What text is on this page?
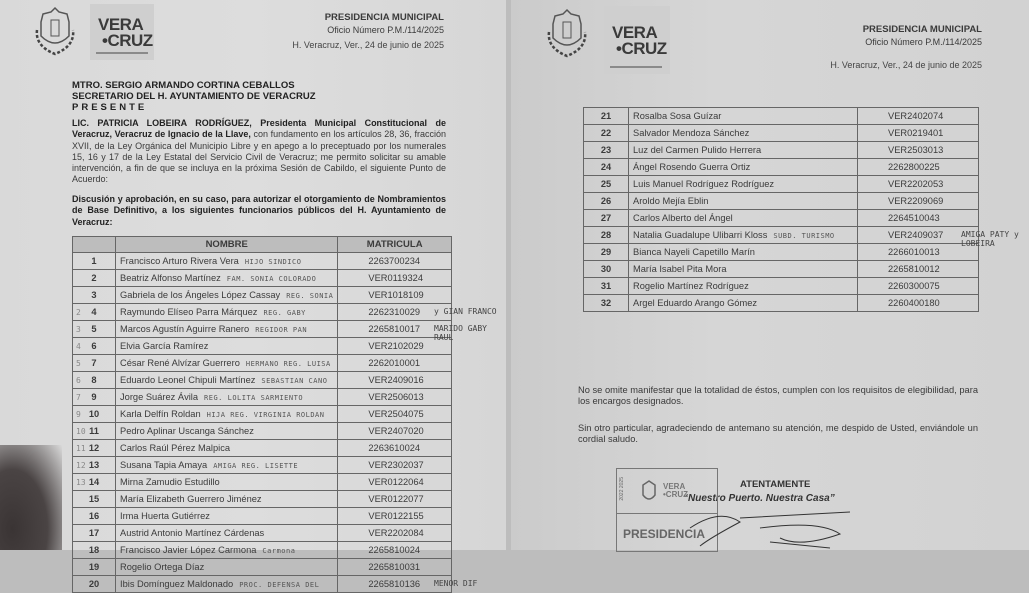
VERA
•CRUZ
PRESIDENCIA MUNICIPAL
Oficio Número P.M./114/2025
H. Veracruz, Ver., 24 de junio de 2025
MTRO. SERGIO ARMANDO CORTINA CEBALLOS
SECRETARIO DEL H. AYUNTAMIENTO DE VERACRUZ
PRESENTE
LIC. PATRICIA LOBEIRA RODRÍGUEZ, Presidenta Municipal Constitucional de Veracruz, Veracruz de Ignacio de la Llave, con fundamento en los artículos 28, 36, fracción XVII, de la Ley Orgánica del Municipio Libre y en apego a lo preceptuado por los numerales 15, 16 y 17 de la Ley Estatal del Servicio Civil de Veracruz; me permito solicitar su amable intervención, a fin de que se incluya en la próxima Sesión de Cabildo, el siguiente Punto de Acuerdo:
Discusión y aprobación, en su caso, para autorizar el otorgamiento de Nombramientos de Base Definitivo, a los siguientes funcionarios públicos del H. Ayuntamiento de Veracruz:
	NOMBRE	MATRICULA
1	Francisco Arturo Rivera Vera HIJO SINDICO	2263700234
2	Beatriz Alfonso Martínez FAM. SONIA COLORADO	VER0119324
3	Gabriela de los Ángeles López Cassay REG. SONIA	VER1018109
4	Raymundo Elíseo Parra Márquez REG. GABY	2262310029
5	Marcos Agustín Aguirre Ranero REGIDOR PAN	2265810017
6	Elvia García Ramírez	VER2102029
7	César René Alvízar Guerrero HERMANO REG. LUISA	2262010001
8	Eduardo Leonel Chipuli Martínez SEBASTIAN CANO	VER2409016
9	Jorge Suárez Ávila REG. LOLITA SARMIENTO	VER2506013
10	Karla Delfín Roldan HIJA REG. VIRGINIA ROLDAN	VER2504075
11	Pedro Aplinar Uscanga Sánchez	VER2407020
12	Carlos Raúl Pérez Malpica	2263610024
13	Susana Tapia Amaya AMIGA REG. LISETTE	VER2302037
14	Mirna Zamudio Estudillo	VER0122064
15	María Elizabeth Guerrero Jiménez	VER0122077
16	Irma Huerta Gutiérrez	VER0122155
17	Austrid Antonio Martínez Cárdenas	VER2202084
18	Francisco Javier López Carmona Carmona	2265810024
19	Rogelio Ortega Díaz	2265810031
20	Ibis Domínguez Maldonado PROC. DEFENSA DEL	2265810136
2	y GIAN FRANCO
3	MARIDO GABY RAUL
4
5
6
7
9
10
11
12
13
MENOR DIF
VERA
•CRUZ
PRESIDENCIA MUNICIPAL
Oficio Número P.M./114/2025
H. Veracruz, Ver., 24 de junio de 2025
21	Rosalba Sosa Guízar	VER2402074
22	Salvador Mendoza Sánchez	VER0219401
23	Luz del Carmen Pulido Herrera	VER2503013
24	Ángel Rosendo Guerra Ortiz	2262800225
25	Luis Manuel Rodríguez Rodríguez	VER2202053
26	Aroldo Mejía Eblin	VER2209069
27	Carlos Alberto del Ángel	2264510043
28	Natalia Guadalupe Ulibarri Kloss SUBD. TURISMO	VER2409037
29	Bianca Nayeli Capetillo Marín	2266010013
30	María Isabel Pita Mora	2265810012
31	Rogelio Martínez Rodríguez	2260300075
32	Argel Eduardo Arango Gómez	2260400180
No se omite manifestar que la totalidad de éstos, cumplen con los requisitos de elegibilidad, para los encargos designados.
Sin otro particular, agradeciendo de antemano su atención, me despido de Usted, enviándole un cordial saludo.
ATENTAMENTE
“Nuestro Puerto. Nuestra Casa”
AMIGA PATY y LOBEIRA
2022 2025	VERA
•CRUZ
PRESIDENCIA
